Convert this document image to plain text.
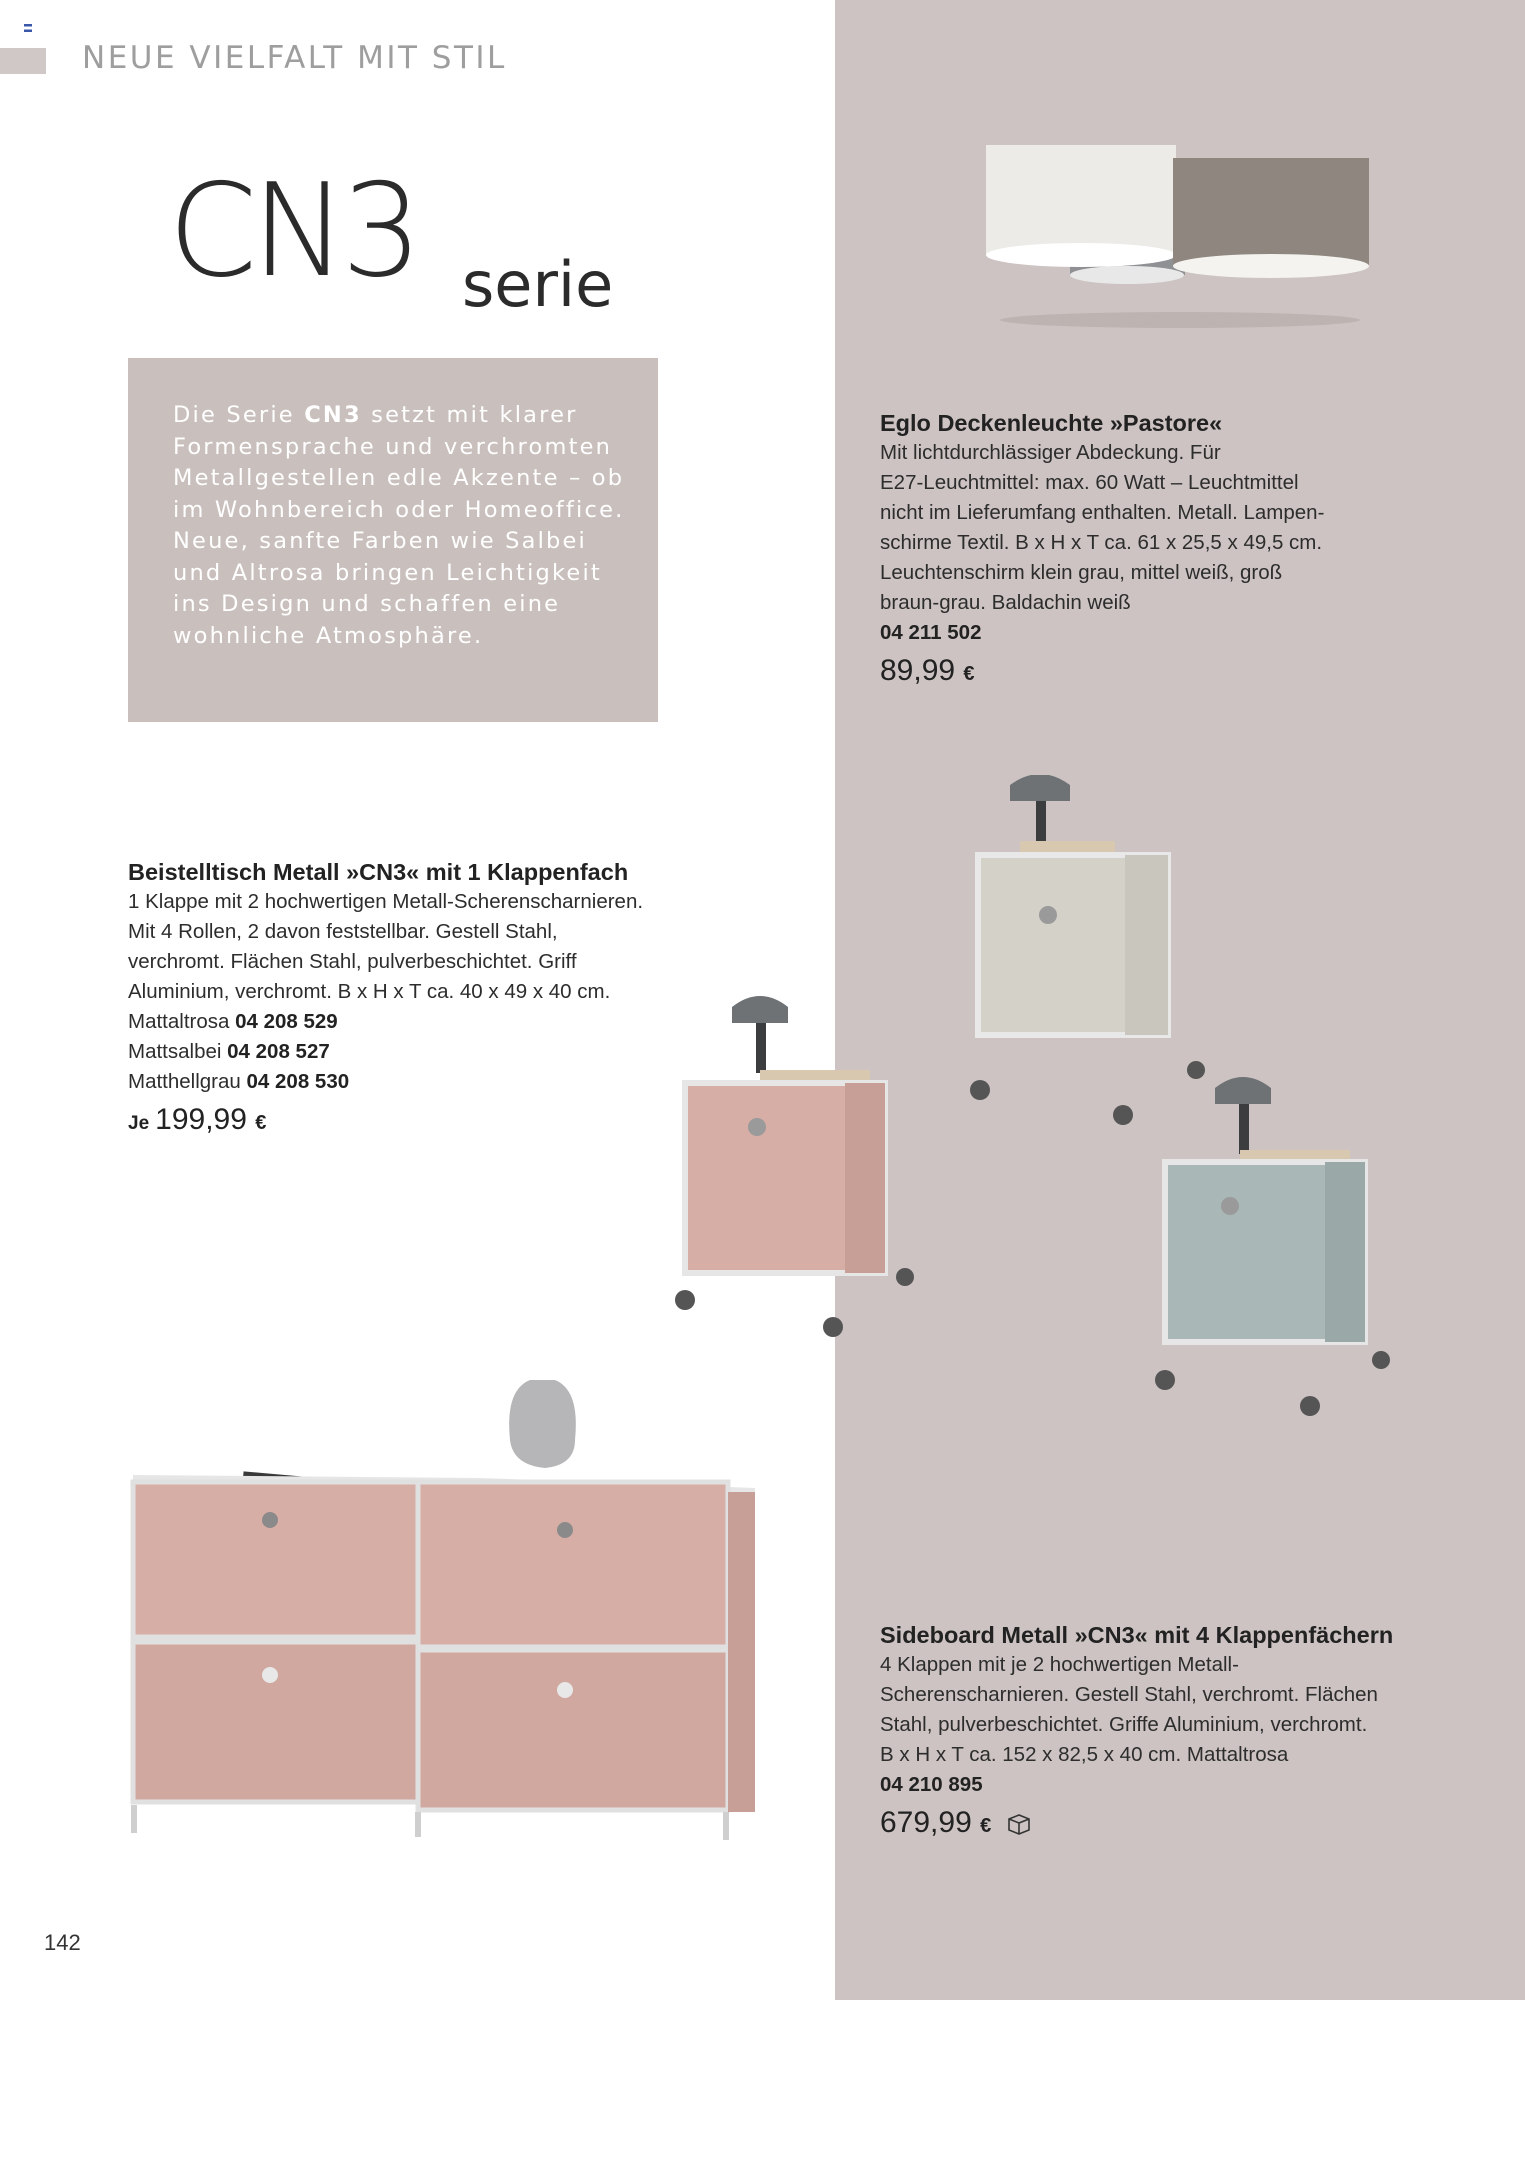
NEUE VIELFALT MIT STIL
CN3 serie
Die Serie CN3 setzt mit klarer Formensprache und verchromten Metallgestellen edle Akzente – ob im Wohnbereich oder Homeoffice. Neue, sanfte Farben wie Salbei und Altrosa bringen Leichtigkeit ins Design und schaffen eine wohnliche Atmosphäre.
Eglo Deckenleuchte »Pastore«
Mit lichtdurchlässiger Abdeckung. Für
E27-Leuchtmittel: max. 60 Watt – Leuchtmittel
nicht im Lieferumfang enthalten. Metall. Lampen-
schirme Textil. B x H x T ca. 61 x 25,5 x 49,5 cm.
Leuchtenschirm klein grau, mittel weiß, groß
braun-grau. Baldachin weiß
04 211 502
89,99 €
Beistelltisch Metall »CN3« mit 1 Klappenfach
1 Klappe mit 2 hochwertigen Metall-Scherenscharnieren.
Mit 4 Rollen, 2 davon feststellbar. Gestell Stahl,
verchromt. Flächen Stahl, pulverbeschichtet. Griff
Aluminium, verchromt. B x H x T ca. 40 x 49 x 40 cm.
Mattaltrosa 04 208 529
Mattsalbei 04 208 527
Matthellgrau 04 208 530
Je 199,99 €
Sideboard Metall »CN3« mit 4 Klappenfächern
4 Klappen mit je 2 hochwertigen Metall-
Scherenscharnieren. Gestell Stahl, verchromt. Flächen
Stahl, pulverbeschichtet. Griffe Aluminium, verchromt.
B x H x T ca. 152 x 82,5 x 40 cm. Mattaltrosa
04 210 895
679,99 €
142
